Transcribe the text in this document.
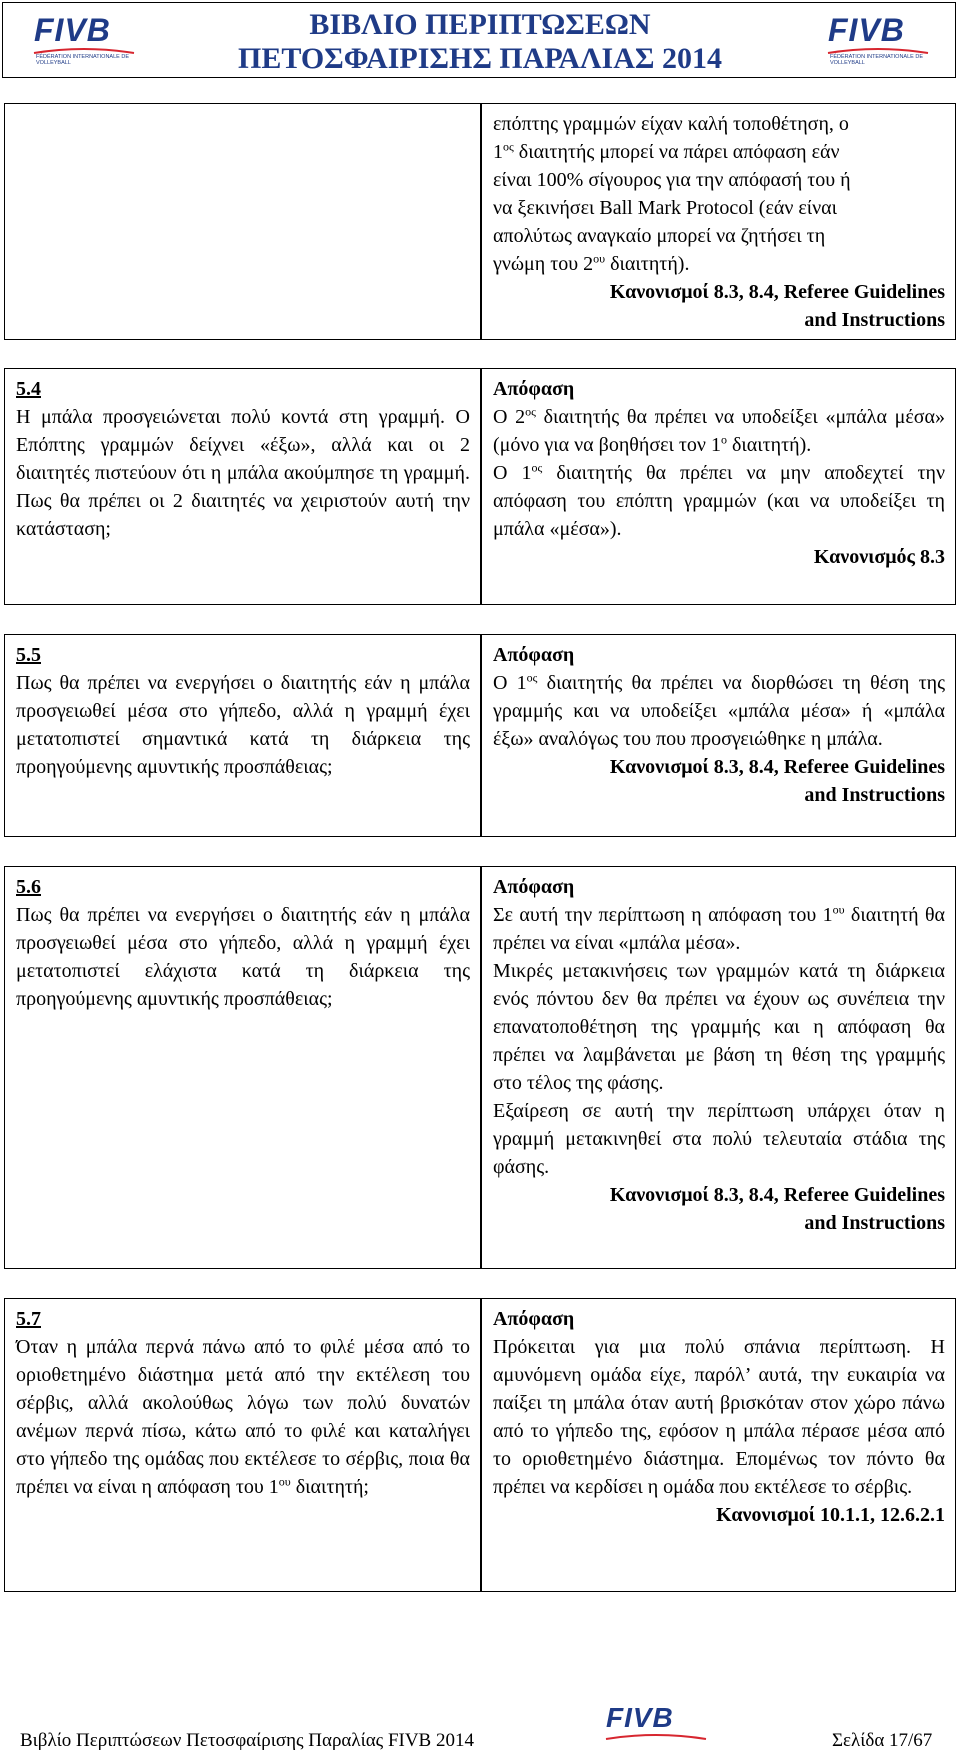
FIVB
FÉDÉRATION INTERNATIONALE DE VOLLEYBALL
ΒΙΒΛΙΟ ΠΕΡΙΠΤΩΣΕΩΝ
ΠΕΤΟΣΦΑΙΡΙΣΗΣ ΠΑΡΑΛΙΑΣ 2014
FIVB
FÉDÉRATION INTERNATIONALE DE VOLLEYBALL

επόπτης γραμμών είχαν καλή τοποθέτηση, ο

$1^{o\varsigma}$ διαιτητής μπορεί να πάρει απόφαση εάν

είναι 100% σίγουρος για την απόφασή του ή

να ξεκινήσει Ball Mark Protocol (εάν είναι

απολύτως αναγκαίο μπορεί να ζητήσει τη

γνώμη του $2^{o\upsilon}$ διαιτητή).

Κανονισμοί 8.3, 8.4, Referee Guidelines

and Instructions

5.4

Η μπάλα προσγειώνεται πολύ κοντά στη γραμμή. Ο Επόπτης γραμμών δείχνει «έξω», αλλά και οι 2 διαιτητές πιστεύουν ότι η μπάλα ακούμπησε τη γραμμή. Πως θα πρέπει οι 2 διαιτητές να χειριστούν αυτή την κατάσταση;

Απόφαση

Ο $2^{o\varsigma}$ διαιτητής θα πρέπει να υποδείξει «μπάλα μέσα» (μόνο για να βοηθήσει τον $1^o$ διαιτητή).

Ο $1^{o\varsigma}$ διαιτητής θα πρέπει να μην αποδεχτεί την απόφαση του επόπτη γραμμών (και να υποδείξει τη μπάλα «μέσα»).

Κανονισμός 8.3

5.5

Πως θα πρέπει να ενεργήσει ο διαιτητής εάν η μπάλα προσγειωθεί μέσα στο γήπεδο, αλλά η γραμμή έχει μετατοπιστεί σημαντικά κατά τη διάρκεια της προηγούμενης αμυντικής προσπάθειας;

Απόφαση

Ο $1^{o\varsigma}$ διαιτητής θα πρέπει να διορθώσει τη θέση της γραμμής και να υποδείξει «μπάλα μέσα» ή «μπάλα έξω» αναλόγως του που προσγειώθηκε η μπάλα.

Κανονισμοί 8.3, 8.4, Referee Guidelines

and Instructions

5.6

Πως θα πρέπει να ενεργήσει ο διαιτητής εάν η μπάλα προσγειωθεί μέσα στο γήπεδο, αλλά η γραμμή έχει μετατοπιστεί ελάχιστα κατά τη διάρκεια της προηγούμενης αμυντικής προσπάθειας;

Απόφαση

Σε αυτή την περίπτωση η απόφαση του $1^{o\upsilon}$ διαιτητή θα πρέπει να είναι «μπάλα μέσα».

Μικρές μετακινήσεις των γραμμών κατά τη διάρκεια ενός πόντου δεν θα πρέπει να έχουν ως συνέπεια την επανατοποθέτηση της γραμμής και η απόφαση θα πρέπει να λαμβάνεται με βάση τη θέση της γραμμής στο τέλος της φάσης.

Εξαίρεση σε αυτή την περίπτωση υπάρχει όταν η γραμμή μετακινηθεί στα πολύ τελευταία στάδια της φάσης.

Κανονισμοί 8.3, 8.4, Referee Guidelines

and Instructions

5.7

Όταν η μπάλα περνά πάνω από το φιλέ μέσα από το οριοθετημένο διάστημα μετά από την εκτέλεση του σέρβις, αλλά ακολούθως λόγω των πολύ δυνατών ανέμων περνά πίσω, κάτω από το φιλέ και καταλήγει στο γήπεδο της ομάδας που εκτέλεσε το σέρβις, ποια θα πρέπει να είναι η απόφαση του $1^{o\upsilon}$ διαιτητή;

Απόφαση

Πρόκειται για μια πολύ σπάνια περίπτωση. Η αμυνόμενη ομάδα είχε, παρόλ’ αυτά, την ευκαιρία να παίξει τη μπάλα όταν αυτή βρισκόταν στον χώρο πάνω από το γήπεδο της, εφόσον η μπάλα πέρασε μέσα από το οριοθετημένο διάστημα. Επομένως τον πόντο θα πρέπει να κερδίσει η ομάδα που εκτέλεσε το σέρβις.

Κανονισμοί 10.1.1, 12.6.2.1

Βιβλίο Περιπτώσεων Πετοσφαίρισης Παραλίας FIVB 2014
FIVB
Σελίδα 17/67
